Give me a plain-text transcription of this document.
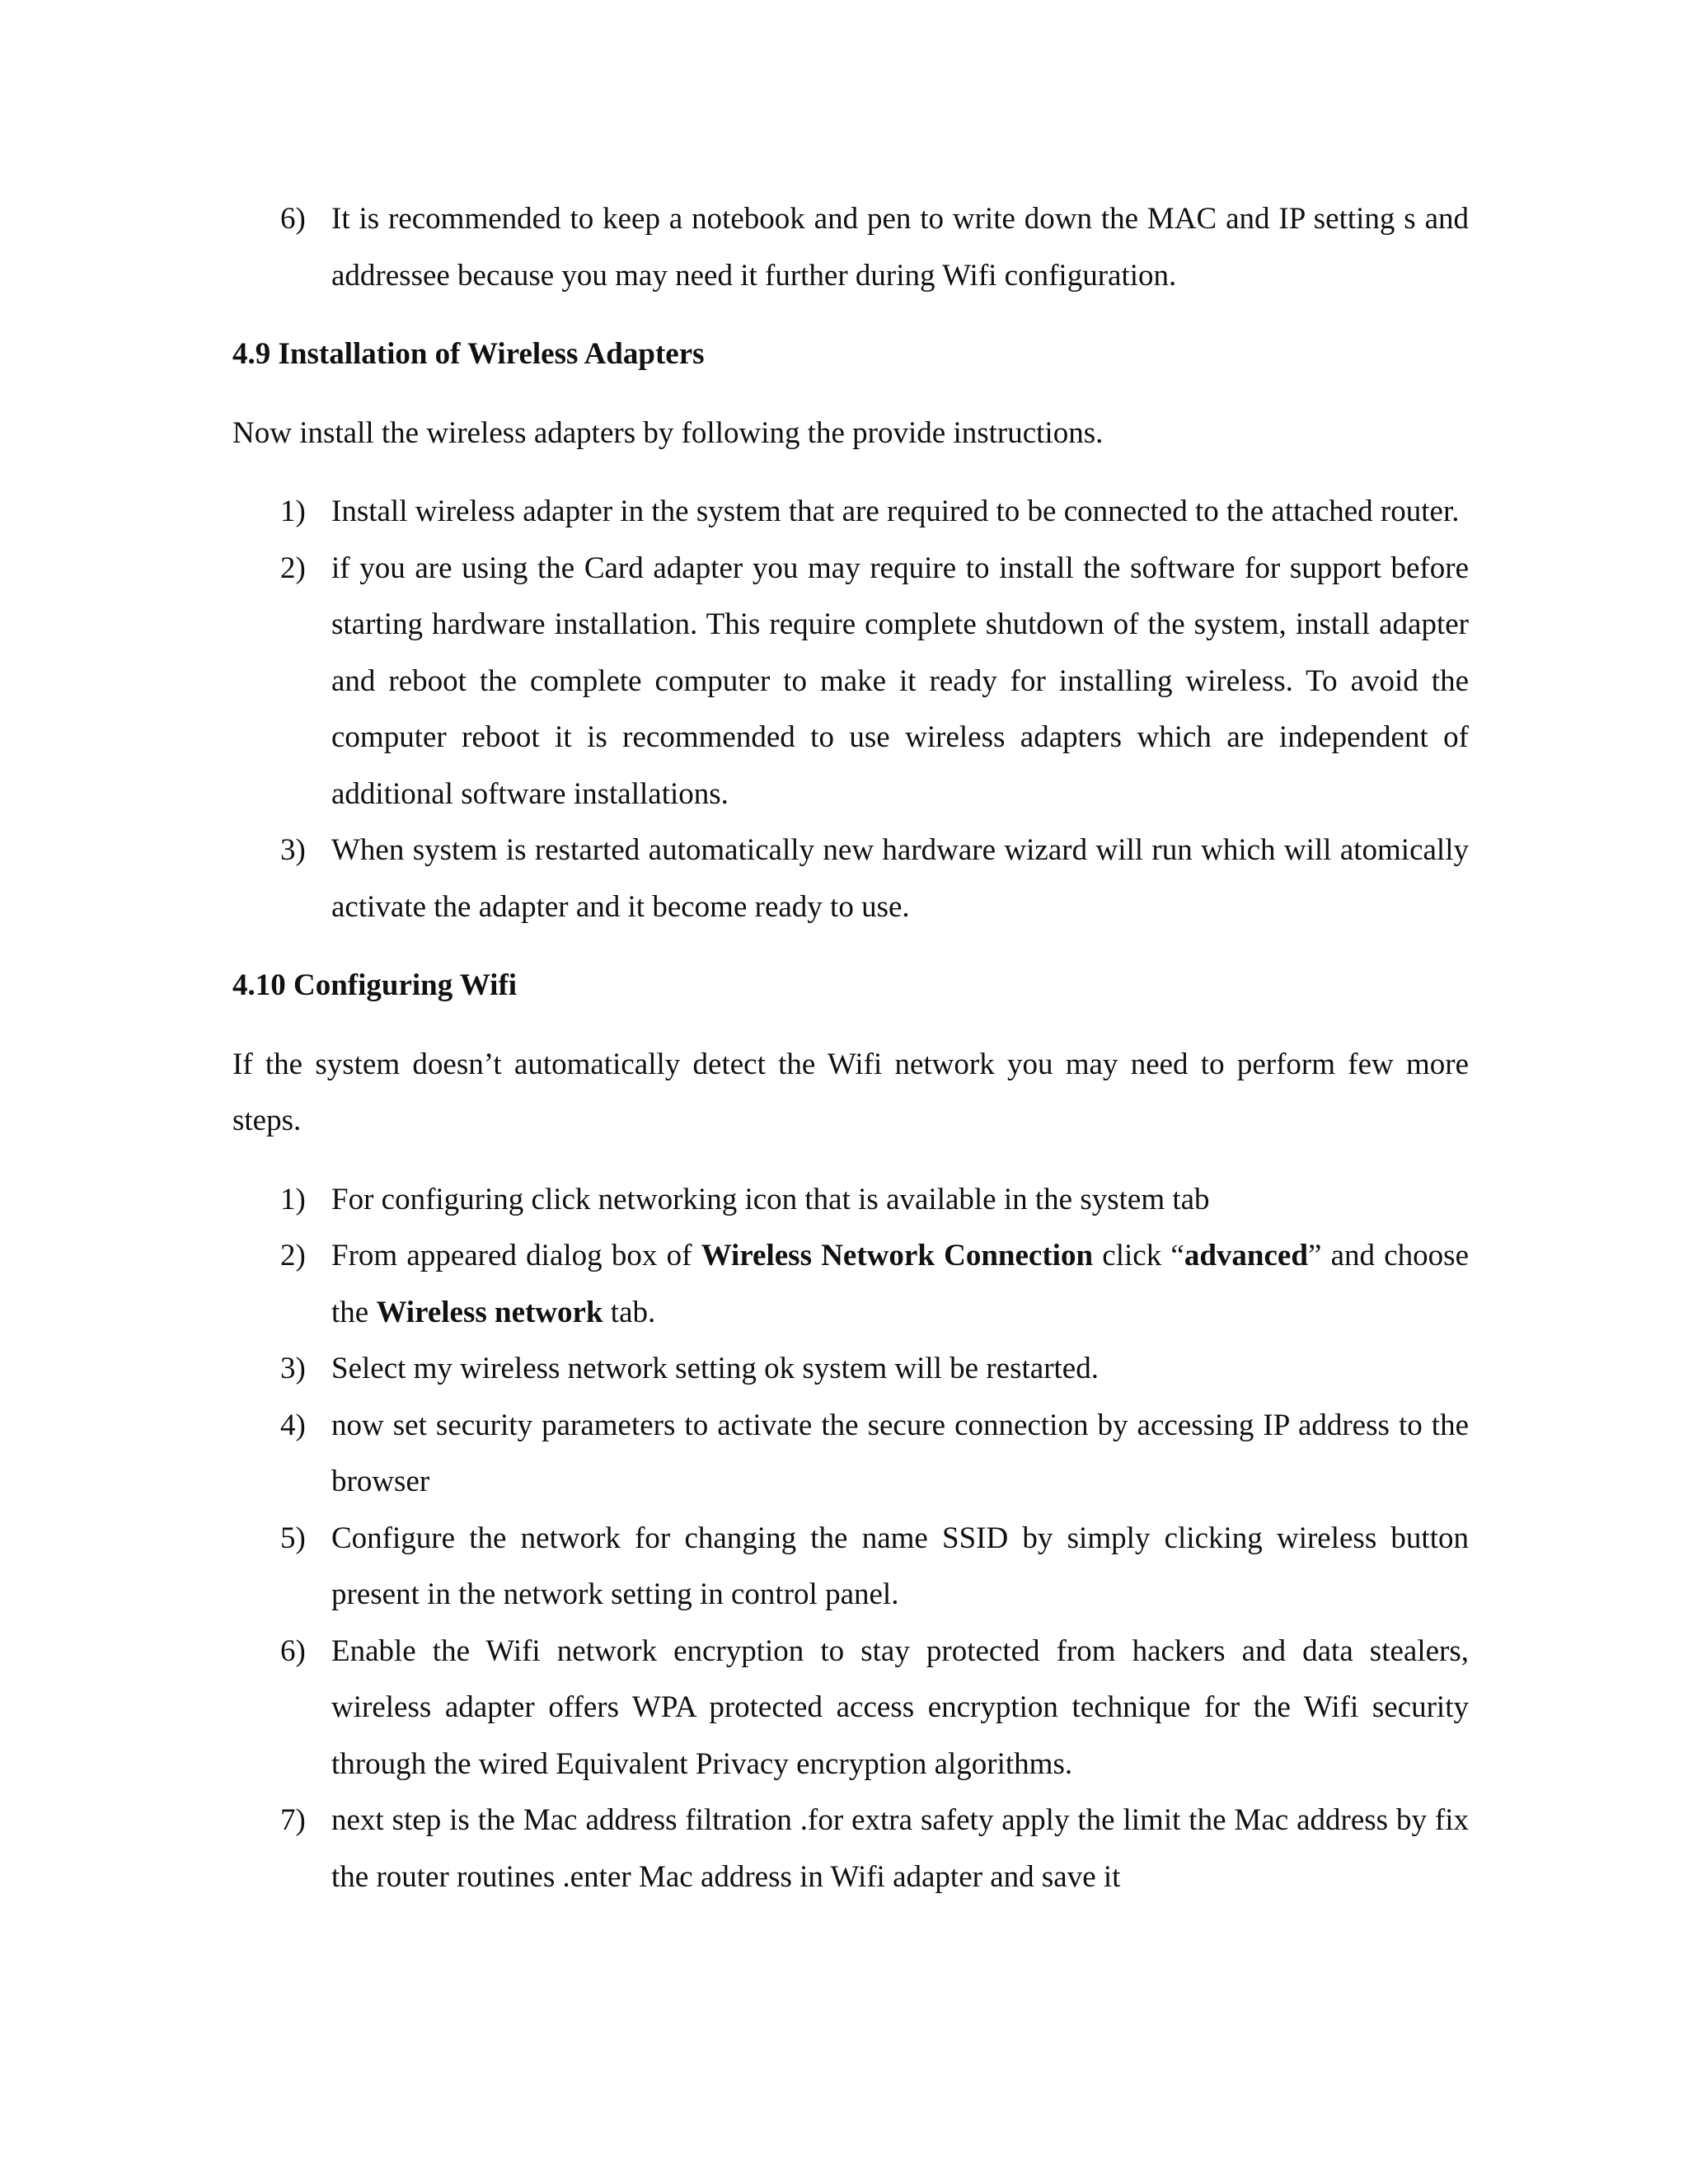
6) It is recommended to keep a notebook and pen to write down the MAC and IP setting s and addressee because you may need it further during Wifi configuration.
4.9 Installation of Wireless Adapters

Now install the wireless adapters by following the provide instructions.

1) Install wireless adapter in the system that are required to be connected to the attached router.
2) if you are using the Card adapter you may require to install the software for support before starting hardware installation. This require complete shutdown of the system, install adapter and reboot the complete computer to make it ready for installing wireless. To avoid the computer reboot it is recommended to use wireless adapters which are independent of additional software installations.
3) When system is restarted automatically new hardware wizard will run which will atomically activate the adapter and it become ready to use.
4.10 Configuring Wifi

If the system doesn’t automatically detect the Wifi network you may need to perform few more steps.

1) For configuring click networking icon that is available in the system tab
2) From appeared dialog box of Wireless Network Connection click “advanced” and choose the Wireless network tab.
3) Select my wireless network setting ok system will be restarted.
4) now set security parameters to activate the secure connection by accessing IP address to the browser
5) Configure the network for changing the name SSID by simply clicking wireless button present in the network setting in control panel.
6) Enable the Wifi network encryption to stay protected from hackers and data stealers, wireless adapter offers WPA protected access encryption technique for the Wifi security through the wired Equivalent Privacy encryption algorithms.
7) next step is the Mac address filtration .for extra safety apply the limit the Mac address by fix the router routines .enter Mac address in Wifi adapter and save it
